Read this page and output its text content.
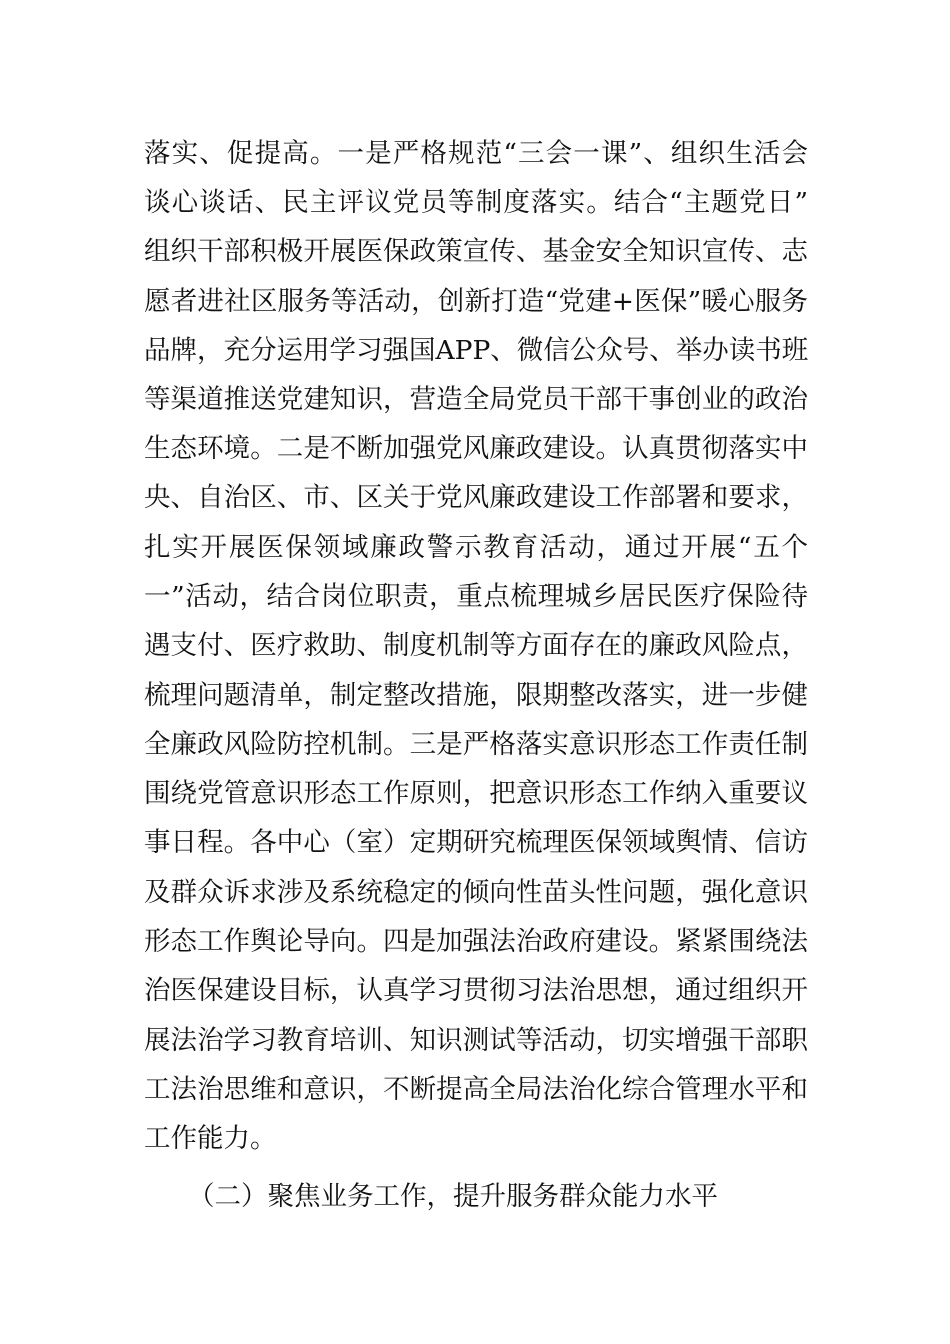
落实、促提高。一是严格规范“三会一课”、组织生活会
谈心谈话、民主评议党员等制度落实。结合“主题党日”
组织干部积极开展医保政策宣传、基金安全知识宣传、志
愿者进社区服务等活动，创新打造“党建+医保”暖心服务
品牌，充分运用学习强国APP、微信公众号、举办读书班
等渠道推送党建知识，营造全局党员干部干事创业的政治
生态环境。二是不断加强党风廉政建设。认真贯彻落实中
央、自治区、市、区关于党风廉政建设工作部署和要求，
扎实开展医保领域廉政警示教育活动，通过开展“五个
一”活动，结合岗位职责，重点梳理城乡居民医疗保险待
遇支付、医疗救助、制度机制等方面存在的廉政风险点，
梳理问题清单，制定整改措施，限期整改落实，进一步健
全廉政风险防控机制。三是严格落实意识形态工作责任制
围绕党管意识形态工作原则，把意识形态工作纳入重要议
事日程。各中心（室）定期研究梳理医保领域舆情、信访
及群众诉求涉及系统稳定的倾向性苗头性问题，强化意识
形态工作舆论导向。四是加强法治政府建设。紧紧围绕法
治医保建设目标，认真学习贯彻习法治思想，通过组织开
展法治学习教育培训、知识测试等活动，切实增强干部职
工法治思维和意识，不断提高全局法治化综合管理水平和
工作能力。
（二）聚焦业务工作，提升服务群众能力水平
